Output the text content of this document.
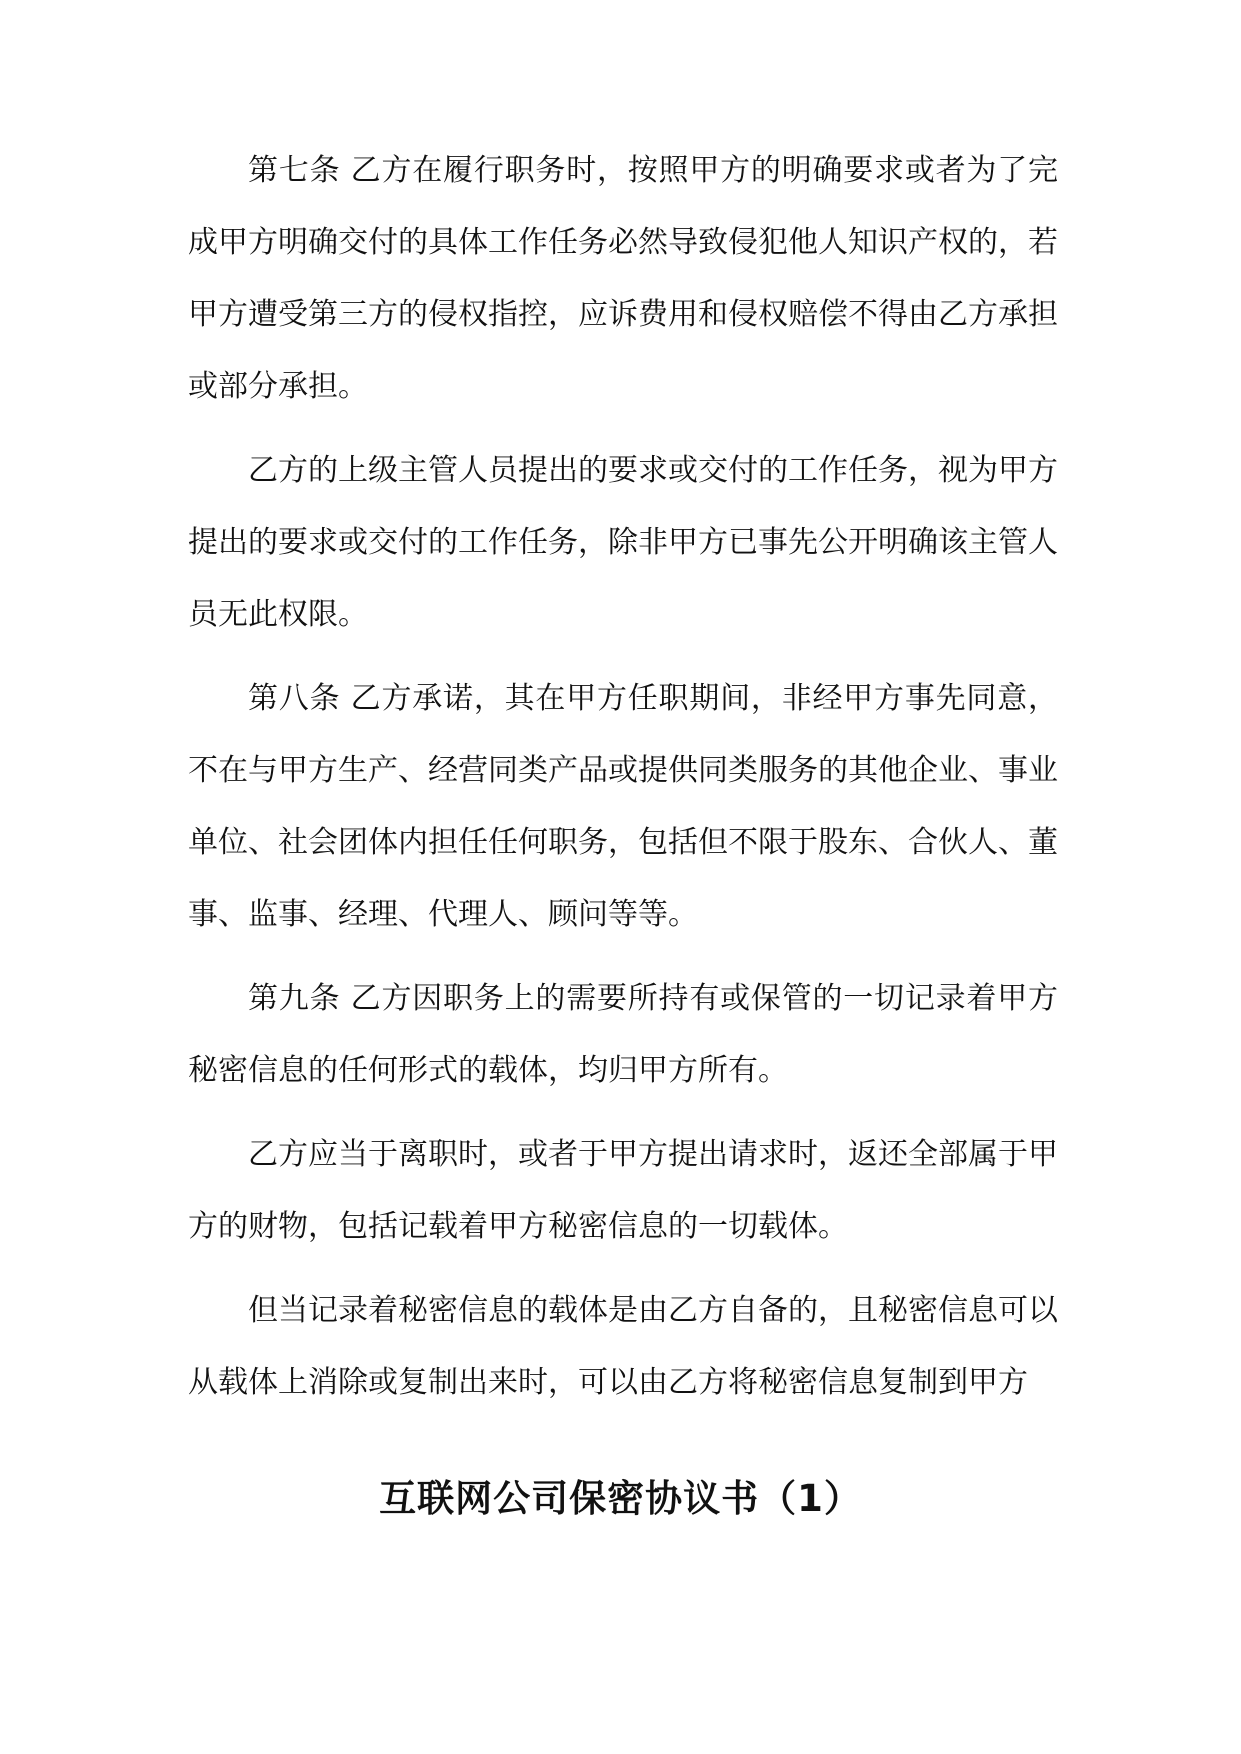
第七条 乙方在履行职务时，按照甲方的明确要求或者为了完成甲方明确交付的具体工作任务必然导致侵犯他人知识产权的，若甲方遭受第三方的侵权指控，应诉费用和侵权赔偿不得由乙方承担或部分承担。

乙方的上级主管人员提出的要求或交付的工作任务，视为甲方提出的要求或交付的工作任务，除非甲方已事先公开明确该主管人员无此权限。

第八条 乙方承诺，其在甲方任职期间，非经甲方事先同意，不在与甲方生产、经营同类产品或提供同类服务的其他企业、事业单位、社会团体内担任任何职务，包括但不限于股东、合伙人、董事、监事、经理、代理人、顾问等等。

第九条 乙方因职务上的需要所持有或保管的一切记录着甲方秘密信息的任何形式的载体，均归甲方所有。

乙方应当于离职时，或者于甲方提出请求时，返还全部属于甲方的财物，包括记载着甲方秘密信息的一切载体。

但当记录着秘密信息的载体是由乙方自备的，且秘密信息可以从载体上消除或复制出来时，可以由乙方将秘密信息复制到甲方

互联网公司保密协议书（1）
